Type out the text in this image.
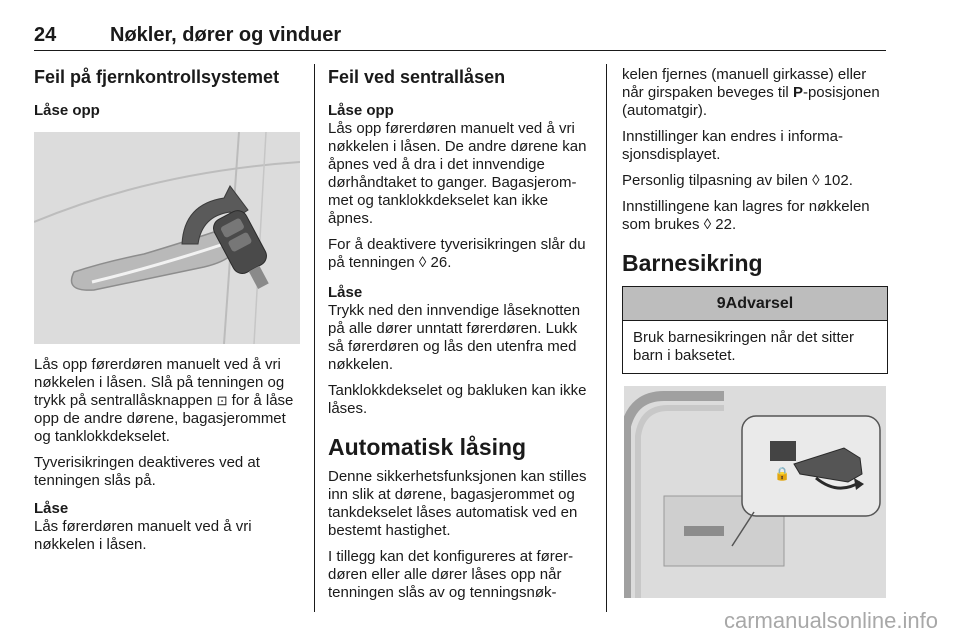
24	Nøkler, dører og vinduer
Feil på fjernkontrollsystemet
Låse opp

Lås opp førerdøren manuelt ved å vri nøkkelen i låsen. Slå på tenningen og trykk på sentrallåsknappen ⊡ for å låse opp de andre dørene, bagasjerommet og tanklokkdekselet.

Tyverisikringen deaktiveres ved at tenningen slås på.

Låse

Lås førerdøren manuelt ved å vri nøkkelen i låsen.

Feil ved sentrallåsen
Låse opp

Lås opp førerdøren manuelt ved å vri nøkkelen i låsen. De andre dørene kan åpnes ved å dra i det innvendige dørhåndtaket to ganger. Bagasjerommet og tanklokkdekselet kan ikke åpnes.

For å deaktivere tyverisikringen slår du på tenningen ◊ 26.

Låse

Trykk ned den innvendige låseknotten på alle dører unntatt førerdøren. Lukk så førerdøren og lås den utenfra med nøkkelen.

Tanklokkdekselet og bakluken kan ikke låses.

Automatisk låsing

Denne sikkerhetsfunksjonen kan stilles inn slik at dørene, bagasjerommet og tankdekselet låses automatisk ved en bestemt hastighet.

I tillegg kan det konfigureres at førerdøren eller alle dører låses opp når tenningen slås av og tenningsnøk-

kelen fjernes (manuell girkasse) eller når girspaken beveges til P-posisjonen (automatgir).

Innstillinger kan endres i informasjonsdisplayet.

Personlig tilpasning av bilen ◊ 102.

Innstillingene kan lagres for nøkkelen som brukes ◊ 22.

Barnesikring
9Advarsel
Bruk barnesikringen når det sitter barn i baksetet.
🔒
carmanualsonline.info
